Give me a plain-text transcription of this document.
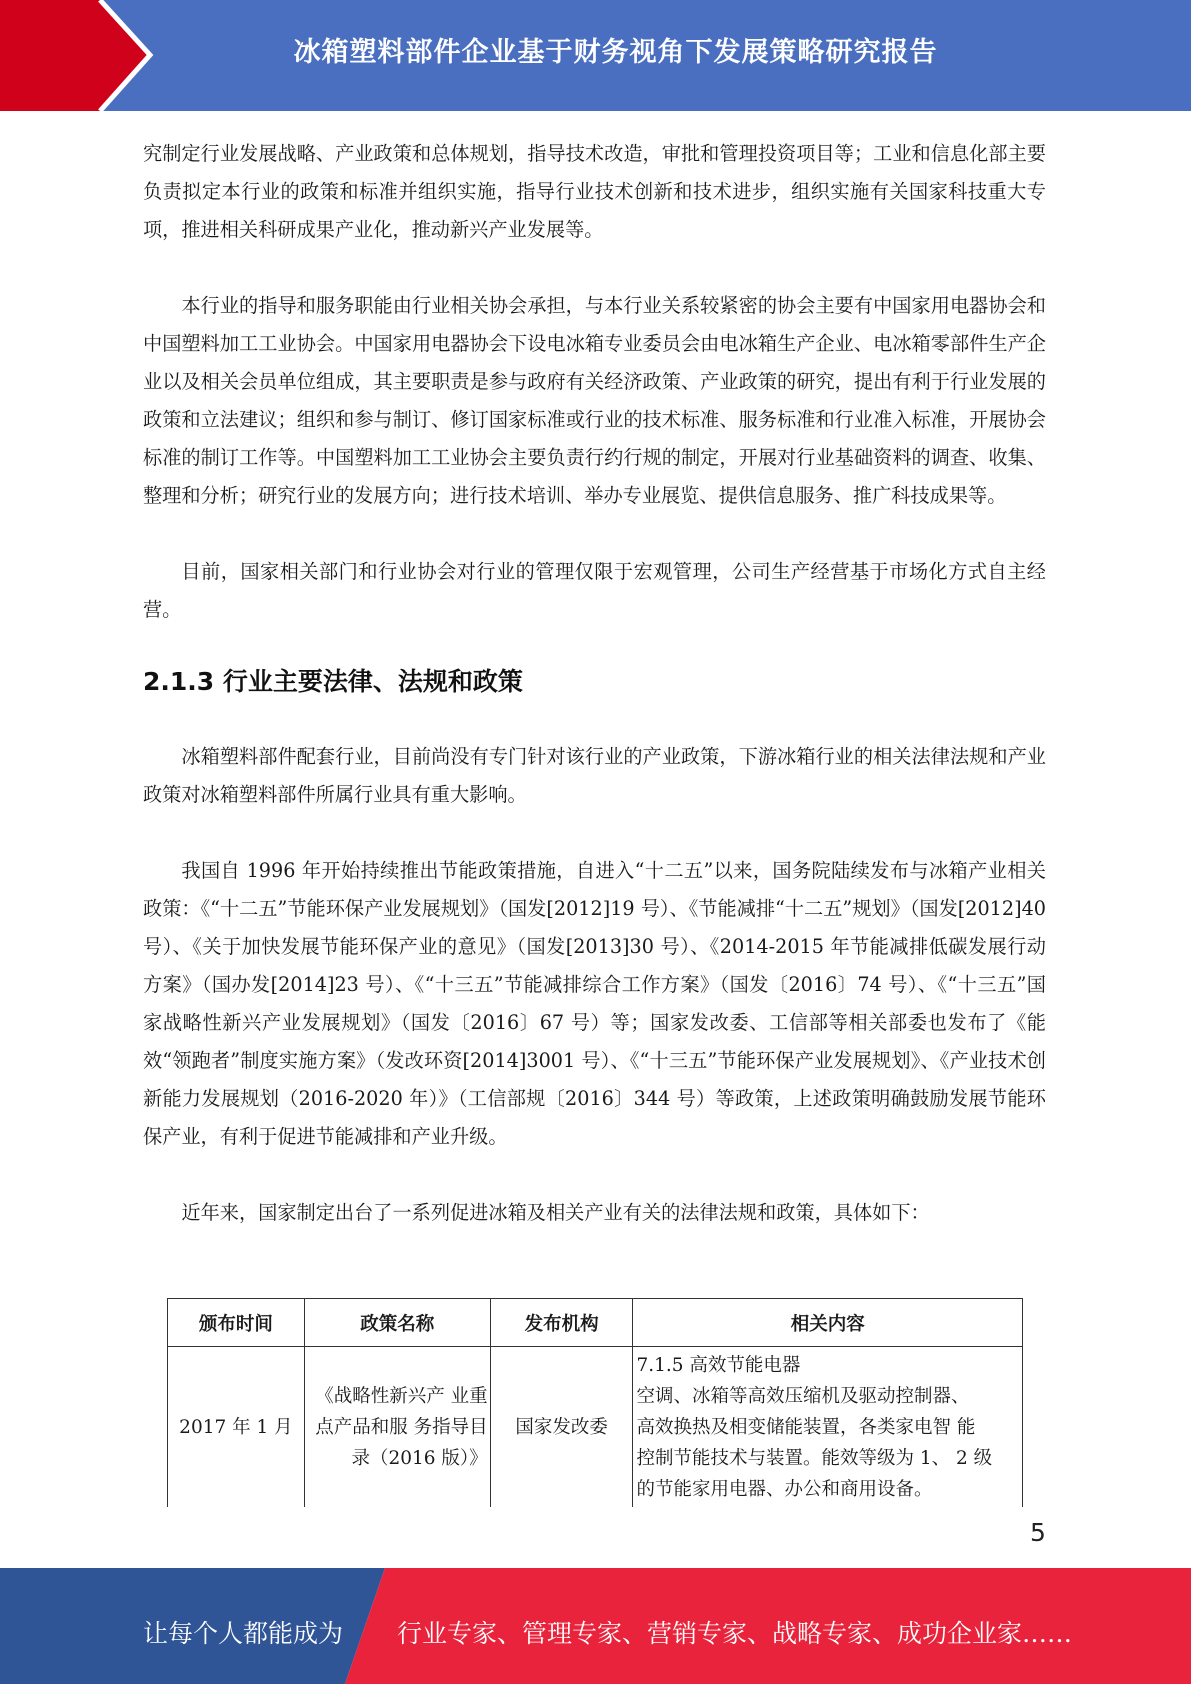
冰箱塑料部件企业基于财务视角下发展策略研究报告

究制定行业发展战略、产业政策和总体规划，指导技术改造，审批和管理投资项目等；工业和信息化部主要负责拟定本行业的政策和标准并组织实施，指导行业技术创新和技术进步，组织实施有关国家科技重大专项，推进相关科研成果产业化，推动新兴产业发展等。

本行业的指导和服务职能由行业相关协会承担，与本行业关系较紧密的协会主要有中国家用电器协会和中国塑料加工工业协会。中国家用电器协会下设电冰箱专业委员会由电冰箱生产企业、电冰箱零部件生产企业以及相关会员单位组成，其主要职责是参与政府有关经济政策、产业政策的研究，提出有利于行业发展的政策和立法建议；组织和参与制订、修订国家标准或行业的技术标准、服务标准和行业准入标准，开展协会标准的制订工作等。中国塑料加工工业协会主要负责行约行规的制定，开展对行业基础资料的调查、收集、整理和分析；研究行业的发展方向；进行技术培训、举办专业展览、提供信息服务、推广科技成果等。

目前，国家相关部门和行业协会对行业的管理仅限于宏观管理，公司生产经营基于市场化方式自主经营。

2.1.3 行业主要法律、法规和政策

冰箱塑料部件配套行业，目前尚没有专门针对该行业的产业政策，下游冰箱行业的相关法律法规和产业政策对冰箱塑料部件所属行业具有重大影响。

我国自 1996 年开始持续推出节能政策措施，自进入“十二五”以来，国务院陆续发布与冰箱产业相关政策：《“十二五”节能环保产业发展规划》（国发[2012]19 号）、《节能减排“十二五”规划》（国发[2012]40 号）、《关于加快发展节能环保产业的意见》（国发[2013]30 号）、《2014-2015 年节能减排低碳发展行动方案》（国办发[2014]23 号）、《“十三五”节能减排综合工作方案》（国发〔2016〕74 号）、《“十三五”国家战略性新兴产业发展规划》（国发〔2016〕67 号）等；国家发改委、工信部等相关部委也发布了《能效“领跑者”制度实施方案》（发改环资[2014]3001 号）、《“十三五”节能环保产业发展规划》、《产业技术创新能力发展规划（2016-2020 年）》（工信部规〔2016〕344 号）等政策，上述政策明确鼓励发展节能环保产业，有利于促进节能减排和产业升级。

近年来，国家制定出台了一系列促进冰箱及相关产业有关的法律法规和政策，具体如下：

颁布时间	政策名称	发布机构	相关内容
2017 年 1 月	《战略性新兴产 业重点产品和服 务指导目录（2016 版）》	国家发改委	7.1.5 高效节能电器
空调、冰箱等高效压缩机及驱动控制器、
高效换热及相变储能装置，各类家电智 能
控制节能技术与装置。能效等级为 1、 2 级
的节能家用电器、办公和商用设备。
5
让每个人都能成为 行业专家、管理专家、营销专家、战略专家、成功企业家……
